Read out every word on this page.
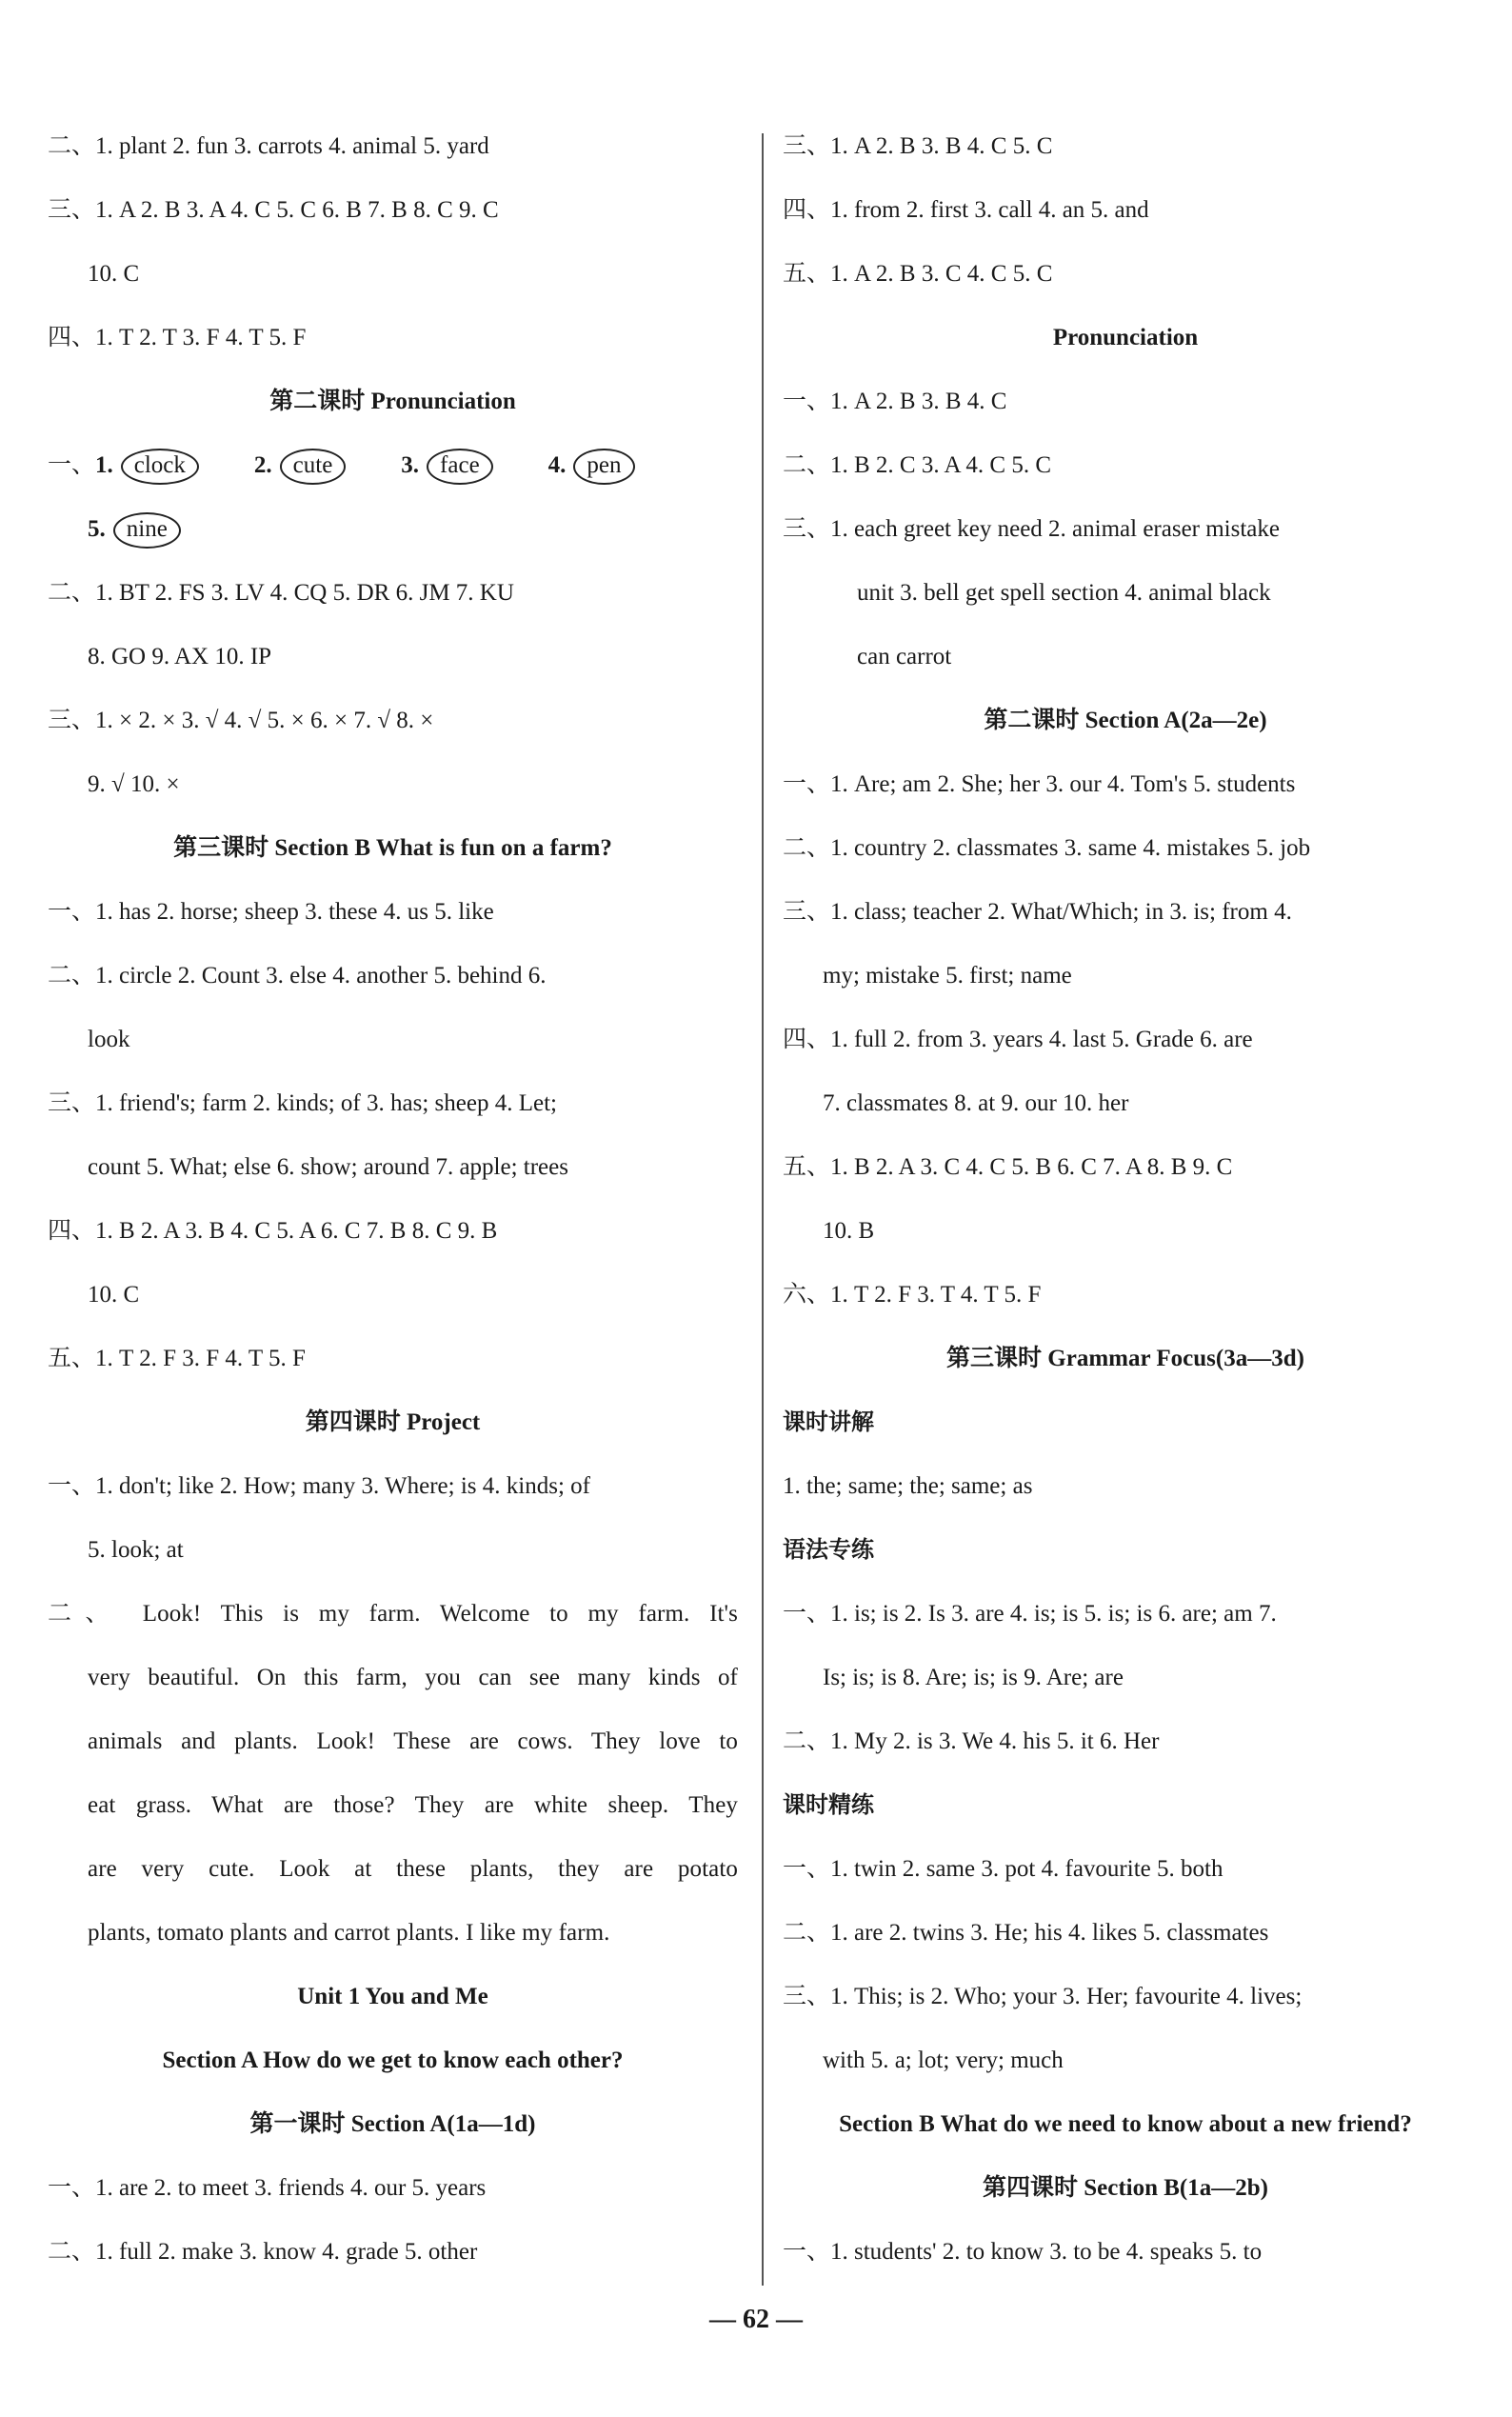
二、1. plant 2. fun 3. carrots 4. animal 5. yard
三、1. A 2. B 3. A 4. C 5. C 6. B 7. B 8. C 9. C
10. C
四、1. T 2. T 3. F 4. T 5. F
第二课时 Pronunciation
一、1. clock	2. cute	3. face	4. pen
5. nine
二、1. BT 2. FS 3. LV 4. CQ 5. DR 6. JM 7. KU
8. GO 9. AX 10. IP
三、1. × 2. × 3. √ 4. √ 5. × 6. × 7. √ 8. ×
9. √ 10. ×
第三课时 Section B What is fun on a farm?
一、1. has 2. horse; sheep 3. these 4. us 5. like
二、1. circle 2. Count 3. else 4. another 5. behind 6.
look
三、1. friend's; farm 2. kinds; of 3. has; sheep 4. Let;
count 5. What; else 6. show; around 7. apple; trees
四、1. B 2. A 3. B 4. C 5. A 6. C 7. B 8. C 9. B
10. C
五、1. T 2. F 3. F 4. T 5. F
第四课时 Project
一、1. don't; like 2. How; many 3. Where; is 4. kinds; of
5. look; at
二、 Look! This is my farm. Welcome to my farm. It's
very beautiful. On this farm, you can see many kinds of
animals and plants. Look! These are cows. They love to
eat grass. What are those? They are white sheep. They
are very cute. Look at these plants, they are potato
plants, tomato plants and carrot plants. I like my farm.
Unit 1 You and Me
Section A How do we get to know each other?
第一课时 Section A(1a—1d)
一、1. are 2. to meet 3. friends 4. our 5. years
二、1. full 2. make 3. know 4. grade 5. other
三、1. A 2. B 3. B 4. C 5. C
四、1. from 2. first 3. call 4. an 5. and
五、1. A 2. B 3. C 4. C 5. C
Pronunciation
一、1. A 2. B 3. B 4. C
二、1. B 2. C 3. A 4. C 5. C
三、1. each greet key need 2. animal eraser mistake
unit 3. bell get spell section 4. animal black
can carrot
第二课时 Section A(2a—2e)
一、1. Are; am 2. She; her 3. our 4. Tom's 5. students
二、1. country 2. classmates 3. same 4. mistakes 5. job
三、1. class; teacher 2. What/Which; in 3. is; from 4.
my; mistake 5. first; name
四、1. full 2. from 3. years 4. last 5. Grade 6. are
7. classmates 8. at 9. our 10. her
五、1. B 2. A 3. C 4. C 5. B 6. C 7. A 8. B 9. C
10. B
六、1. T 2. F 3. T 4. T 5. F
第三课时 Grammar Focus(3a—3d)
课时讲解
1. the; same; the; same; as
语法专练
一、1. is; is 2. Is 3. are 4. is; is 5. is; is 6. are; am 7.
Is; is; is 8. Are; is; is 9. Are; are
二、1. My 2. is 3. We 4. his 5. it 6. Her
课时精练
一、1. twin 2. same 3. pot 4. favourite 5. both
二、1. are 2. twins 3. He; his 4. likes 5. classmates
三、1. This; is 2. Who; your 3. Her; favourite 4. lives;
with 5. a; lot; very; much
Section B What do we need to know about a new friend?
第四课时 Section B(1a—2b)
一、1. students' 2. to know 3. to be 4. speaks 5. to
— 62 —
